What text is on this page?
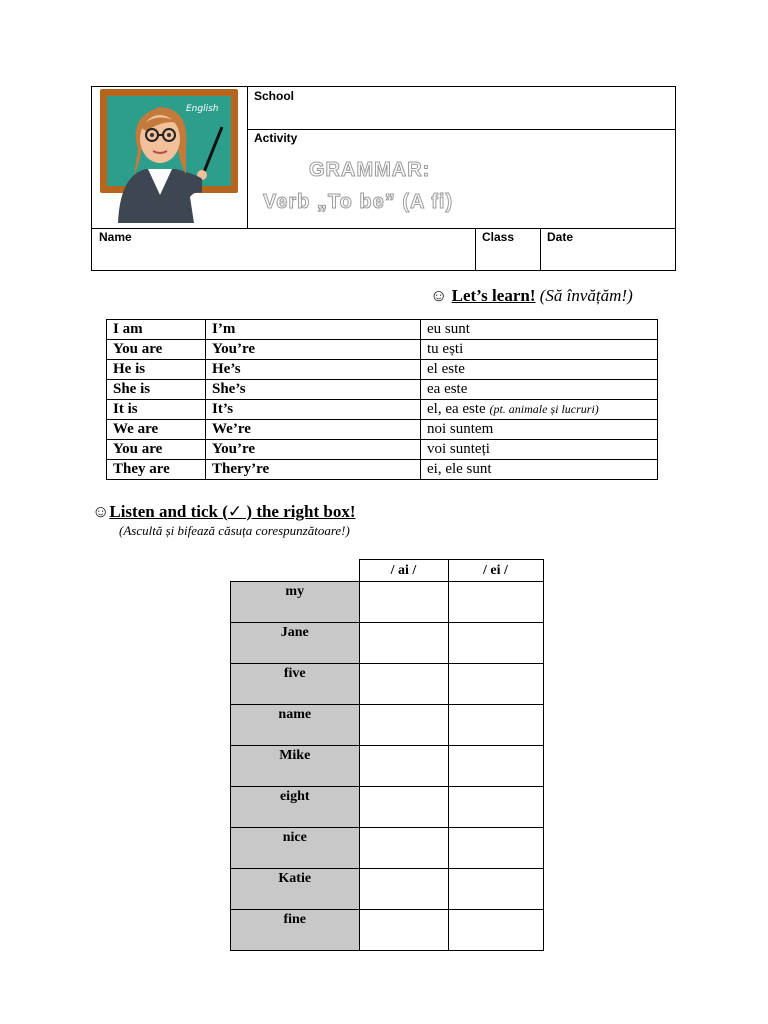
English
School
Activity
GRAMMAR:
Verb „To be” (A fi)
Name	Class	Date
☺ Let’s learn! (Să învățăm!)
I am	I’m	eu sunt
You are	You’re	tu ești
He is	He’s	el este
She is	She’s	ea este
It is	It’s	el, ea este (pt. animale și lucruri)
We are	We’re	noi suntem
You are	You’re	voi sunteți
They are	Thery’re	ei, ele sunt
☺Listen and tick (✓ ) the right box!
(Ascultă și bifează căsuța corespunzătoare!)
	/ ai /	/ ei /
my		
Jane		
five		
name		
Mike		
eight		
nice		
Katie		
fine		
